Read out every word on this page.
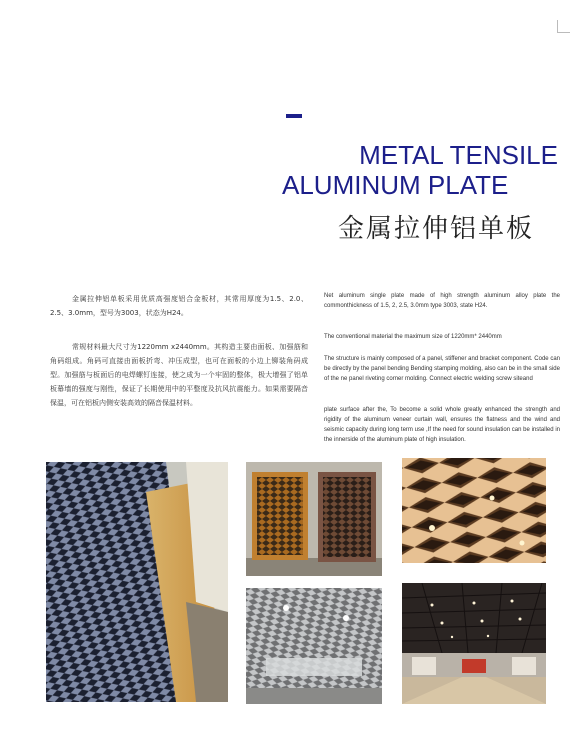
METAL TENSILE
ALUMINUM PLATE
金属拉伸铝单板

金属拉伸铝单板采用优质高强度铝合金板材，其常用厚度为1.5、2.0、2.5、3.0mm，型号为3003，状态为H24。

常规材料最大尺寸为1220mm x2440mm。其构造主要由面板、加强筋和角码组成。角码可直接由面板折弯、冲压成型，也可在面板的小边上铆装角码成型。加强筋与板面后的电焊螺钉连接，使之成为一个牢固的整体，极大增强了铝单板幕墙的强度与刚性，保证了长期使用中的平整度及抗风抗震能力。如果需要隔音保温，可在铝板内侧安装高效的隔音保温材料。

Net aluminum single plate made of high strength aluminum alloy plate the commonthickness of 1.5, 2, 2.5, 3.0mm type 3003, state H24.

The conventional material the maximum size of 1220mm* 2440mm

The structure is mainly composed of a panel, stiffener and bracket component. Code can be directly by the panel bending Bending stamping molding, also can be in the small side of the ne panel riveting corner molding. Connect electric welding screw siteand

plate surface after the, To become a solid whole greatly enhanced the strength and rigidity of the aluminum veneer curtain wall, ensures the flatness and the wind and seismic capacity during long term use ,If the need for sound insulation can be installed in the innerside of the aluminum plate of high insulation.
